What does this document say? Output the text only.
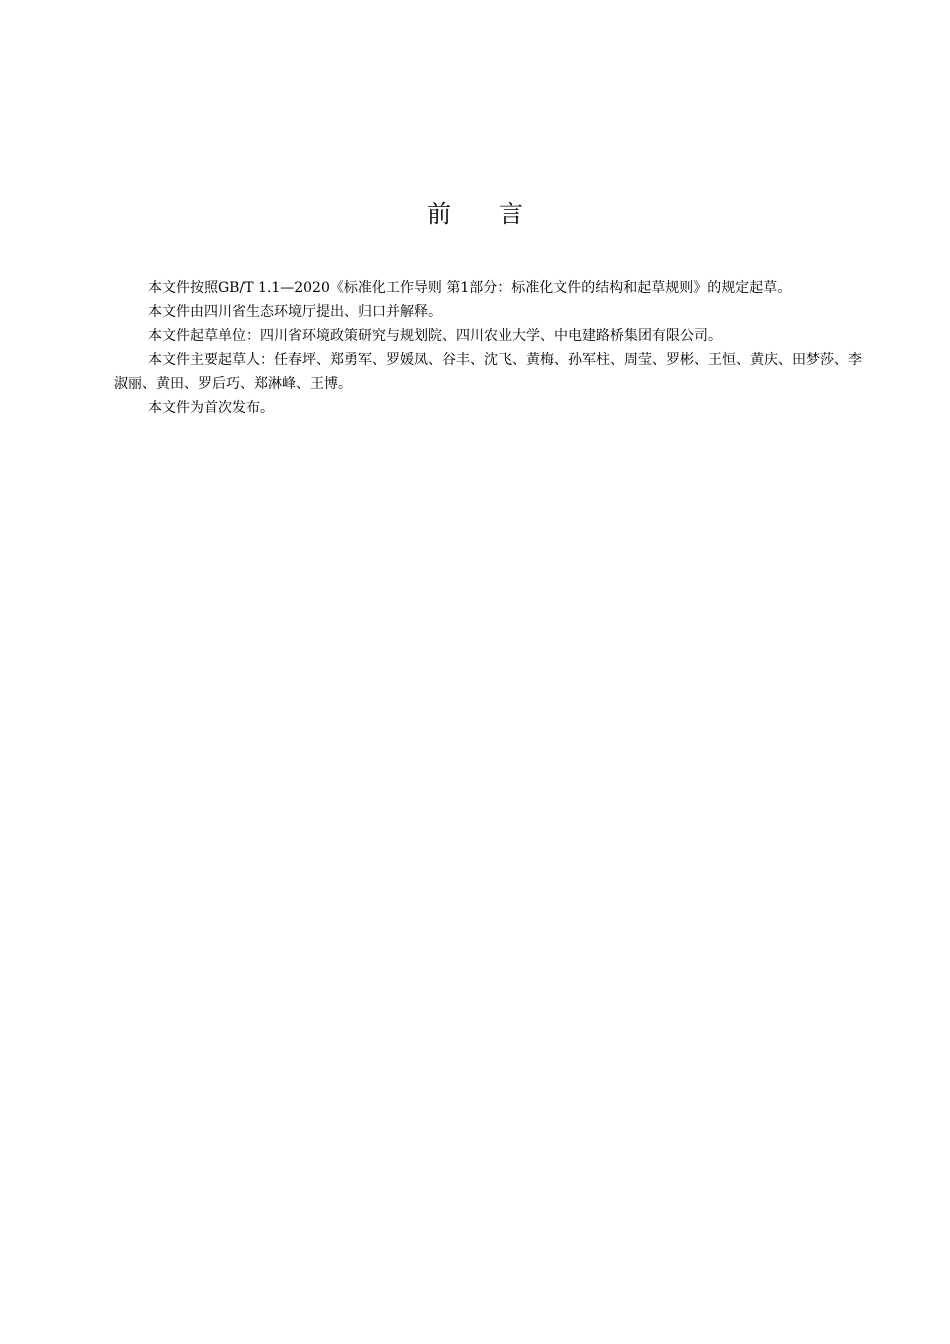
前言

本文件按照GB/T 1.1—2020《标准化工作导则 第1部分：标准化文件的结构和起草规则》的规定起草。

本文件由四川省生态环境厅提出、归口并解释。

本文件起草单位：四川省环境政策研究与规划院、四川农业大学、中电建路桥集团有限公司。

本文件主要起草人：任春坪、郑勇军、罗媛凤、谷丰、沈飞、黄梅、孙军柱、周莹、罗彬、王恒、黄庆、田梦莎、李淑丽、黄田、罗后巧、郑淋峰、王博。

本文件为首次发布。
